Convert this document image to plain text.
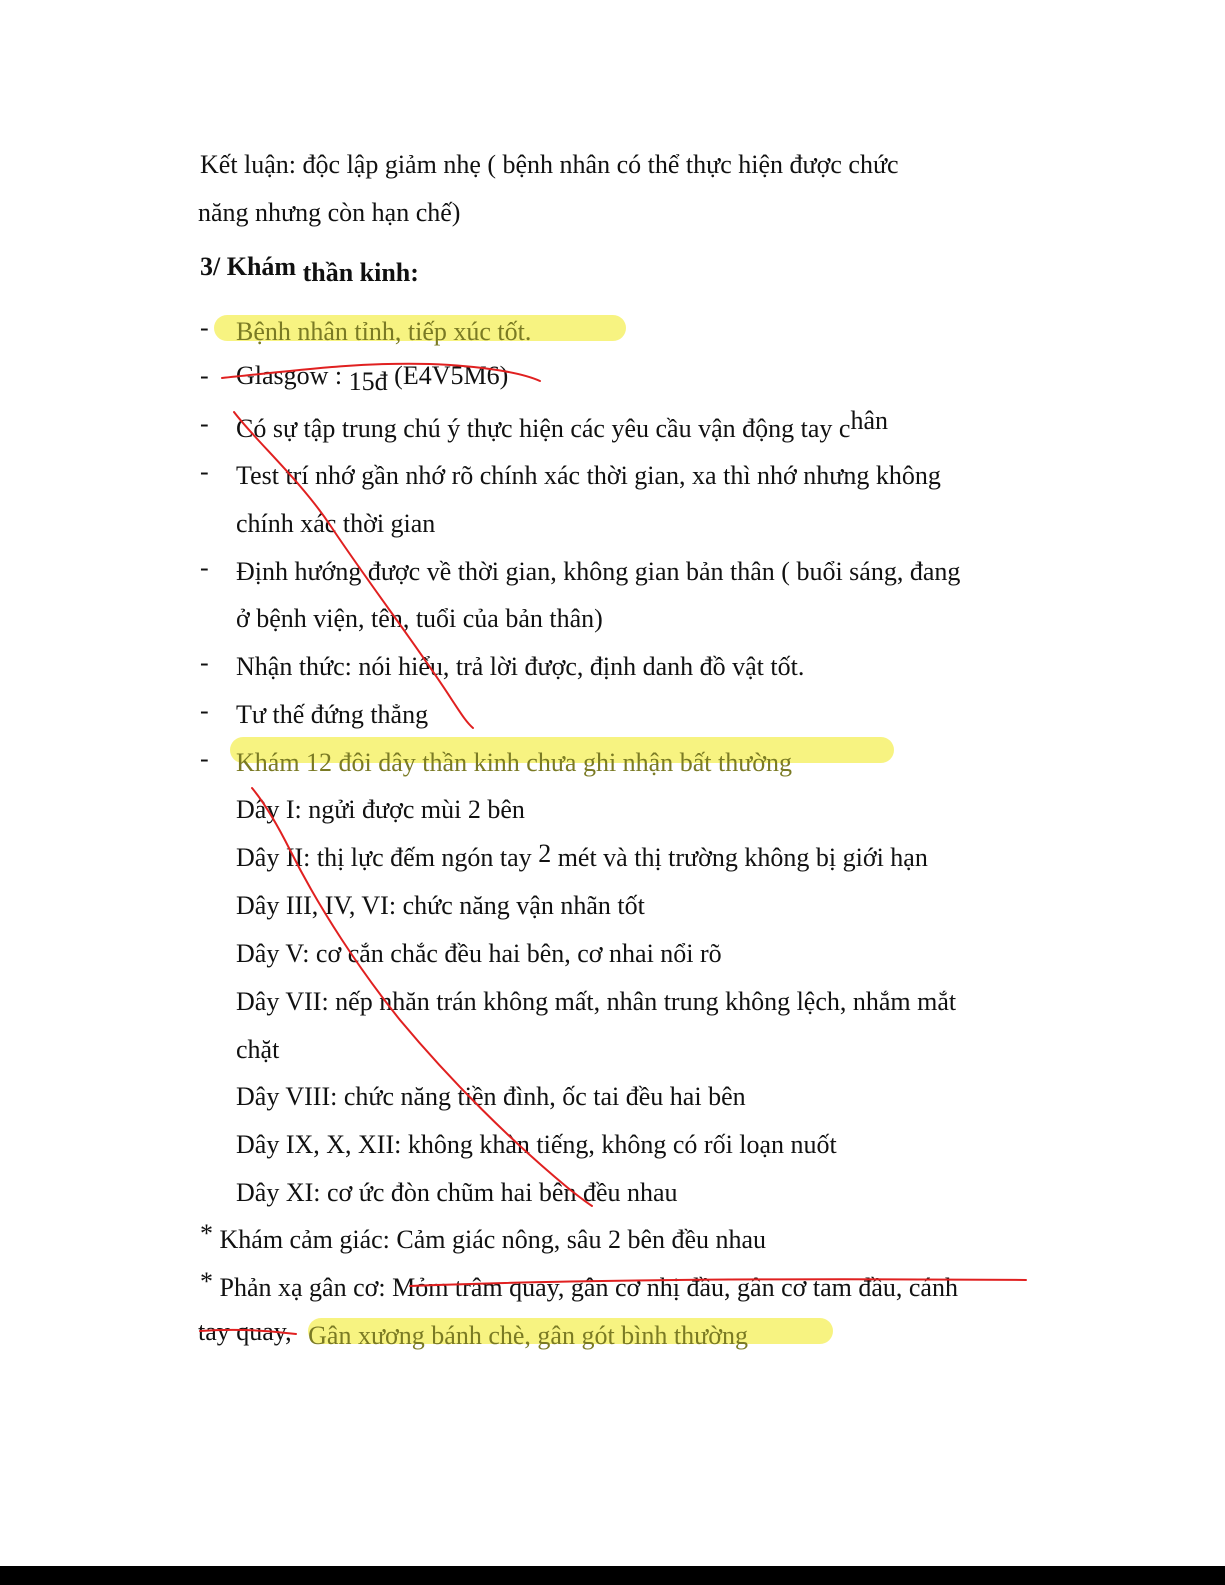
Kết luận: độc lập giảm nhẹ ( bệnh nhân có thể thực hiện được chức
năng nhưng còn hạn chế)
3/ Khám thần kinh:
- Bệnh nhân tỉnh, tiếp xúc tốt.
- Glasgow : 15đ (E4V5M6)
- Có sự tập trung chú ý thực hiện các yêu cầu vận động tay chân
- Test trí nhớ gần nhớ rõ chính xác thời gian, xa thì nhớ nhưng không
chính xác thời gian
- Định hướng được về thời gian, không gian bản thân ( buổi sáng, đang
ở bệnh viện, tên, tuổi của bản thân)
- Nhận thức: nói hiểu, trả lời được, định danh đồ vật tốt.
- Tư thế đứng thẳng
- Khám 12 đôi dây thần kinh chưa ghi nhận bất thường
Dây I: ngửi được mùi 2 bên
Dây II: thị lực đếm ngón tay 2 mét và thị trường không bị giới hạn
Dây III, IV, VI: chức năng vận nhãn tốt
Dây V: cơ cắn chắc đều hai bên, cơ nhai nổi rõ
Dây VII: nếp nhăn trán không mất, nhân trung không lệch, nhắm mắt
chặt
Dây VIII: chức năng tiền đình, ốc tai đều hai bên
Dây IX, X, XII: không khàn tiếng, không có rối loạn nuốt
Dây XI: cơ ức đòn chũm hai bên đều nhau
* Khám cảm giác: Cảm giác nông, sâu 2 bên đều nhau
* Phản xạ gân cơ: Mỏm trâm quay, gân cơ nhị đầu, gân cơ tam đầu, cánh
tay quay, Gân xương bánh chè, gân gót bình thường
